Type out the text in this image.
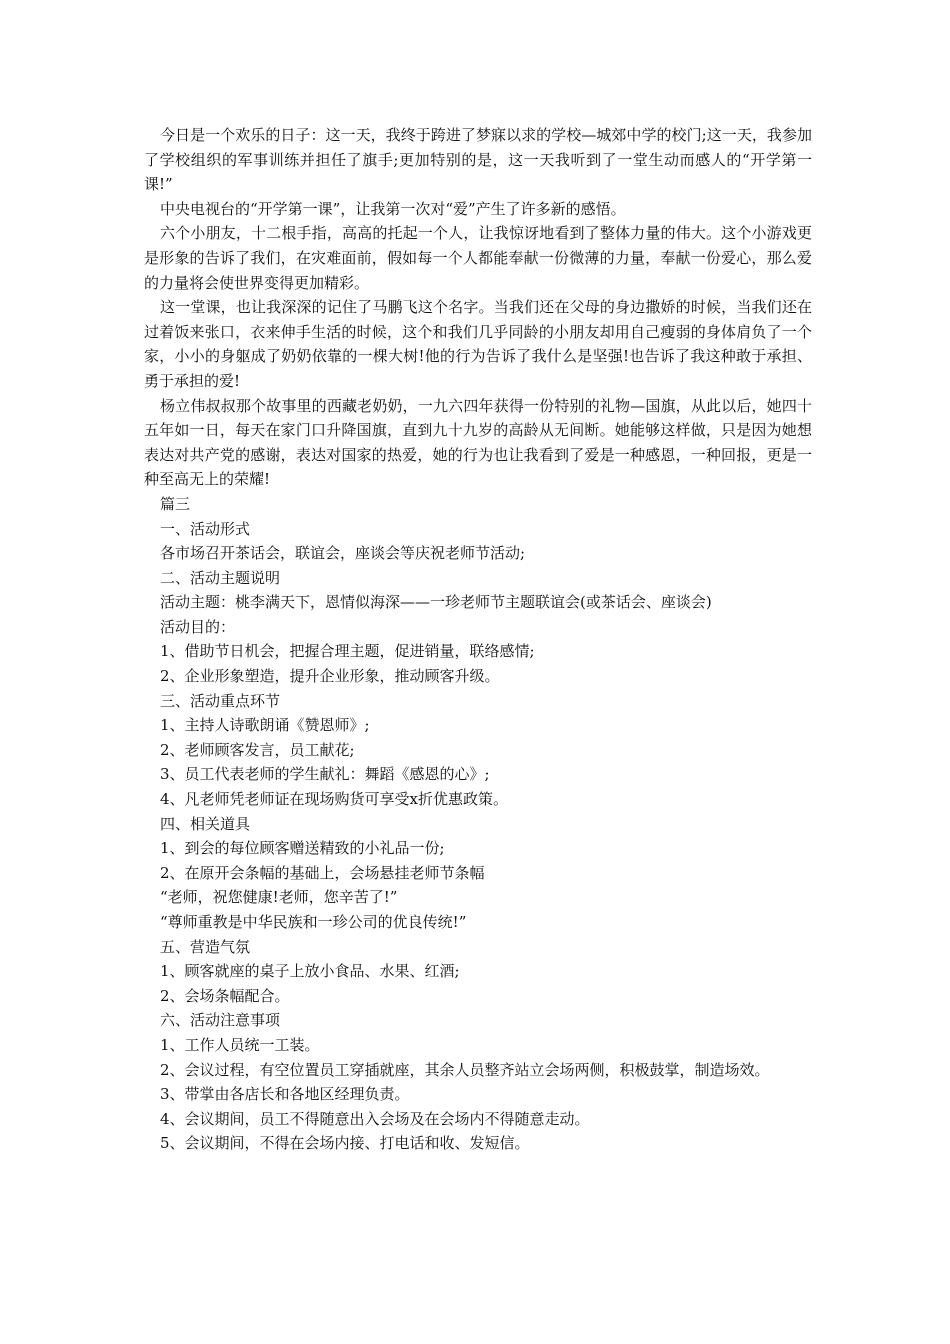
今日是一个欢乐的日子：这一天，我终于跨进了梦寐以求的学校—城郊中学的校门;这一天，我参加了学校组织的军事训练并担任了旗手;更加特别的是，这一天我听到了一堂生动而感人的“开学第一课!”

中央电视台的“开学第一课”，让我第一次对“爱”产生了许多新的感悟。

六个小朋友，十二根手指，高高的托起一个人，让我惊讶地看到了整体力量的伟大。这个小游戏更是形象的告诉了我们，在灾难面前，假如每一个人都能奉献一份微薄的力量，奉献一份爱心，那么爱的力量将会使世界变得更加精彩。

这一堂课，也让我深深的记住了马鹏飞这个名字。当我们还在父母的身边撒娇的时候，当我们还在过着饭来张口，衣来伸手生活的时候，这个和我们几乎同龄的小朋友却用自己瘦弱的身体肩负了一个家，小小的身躯成了奶奶依靠的一棵大树!他的行为告诉了我什么是坚强!也告诉了我这种敢于承担、勇于承担的爱!

杨立伟叔叔那个故事里的西藏老奶奶，一九六四年获得一份特别的礼物—国旗，从此以后，她四十五年如一日，每天在家门口升降国旗，直到九十九岁的高龄从无间断。她能够这样做，只是因为她想表达对共产党的感谢，表达对国家的热爱，她的行为也让我看到了爱是一种感恩，一种回报，更是一种至高无上的荣耀!

篇三
一、活动形式
各市场召开茶话会，联谊会，座谈会等庆祝老师节活动;
二、活动主题说明
活动主题：桃李满天下，恩情似海深——一珍老师节主题联谊会(或茶话会、座谈会)
活动目的：
1、借助节日机会，把握合理主题，促进销量，联络感情;
2、企业形象塑造，提升企业形象，推动顾客升级。
三、活动重点环节
1、主持人诗歌朗诵《赞恩师》;
2、老师顾客发言，员工献花;
3、员工代表老师的学生献礼：舞蹈《感恩的心》;
4、凡老师凭老师证在现场购货可享受x折优惠政策。
四、相关道具
1、到会的每位顾客赠送精致的小礼品一份;
2、在原开会条幅的基础上，会场悬挂老师节条幅
“老师，祝您健康!老师，您辛苦了!”
“尊师重教是中华民族和一珍公司的优良传统!”
五、营造气氛
1、顾客就座的桌子上放小食品、水果、红酒;
2、会场条幅配合。
六、活动注意事项
1、工作人员统一工装。
2、会议过程，有空位置员工穿插就座，其余人员整齐站立会场两侧，积极鼓掌，制造场效。
3、带掌由各店长和各地区经理负责。
4、会议期间，员工不得随意出入会场及在会场内不得随意走动。
5、会议期间，不得在会场内接、打电话和收、发短信。
